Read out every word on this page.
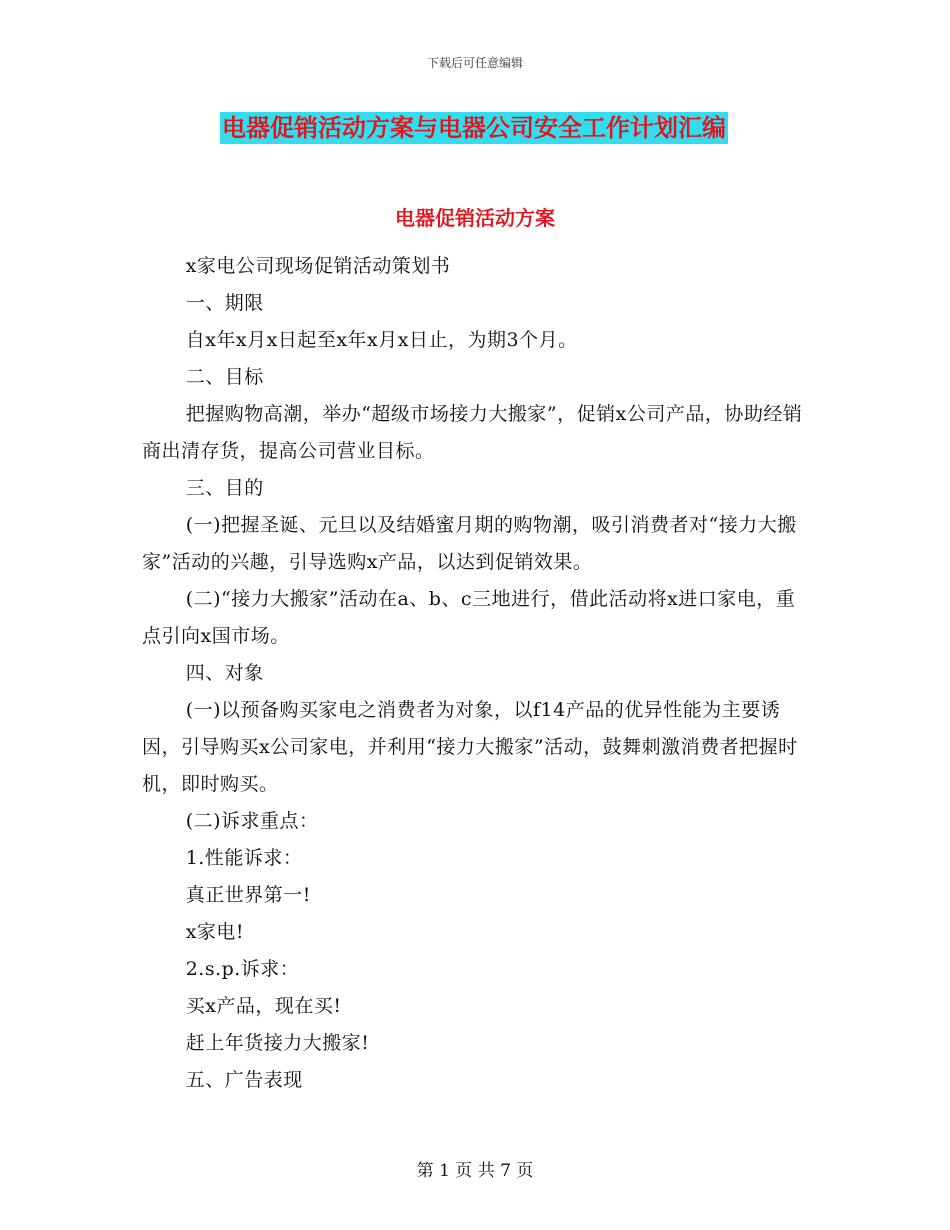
下载后可任意编辑
电器促销活动方案与电器公司安全工作计划汇编
电器促销活动方案

x家电公司现场促销活动策划书

一、期限

自x年x月x日起至x年x月x日止，为期3个月。

二、目标

把握购物高潮，举办“超级市场接力大搬家”，促销x公司产品，协助经销商出清存货，提高公司营业目标。

三、目的

(一)把握圣诞、元旦以及结婚蜜月期的购物潮，吸引消费者对“接力大搬家”活动的兴趣，引导选购x产品，以达到促销效果。

(二)“接力大搬家”活动在a、b、c三地进行，借此活动将x进口家电，重点引向x国市场。

四、对象

(一)以预备购买家电之消费者为对象，以f14产品的优异性能为主要诱因，引导购买x公司家电，并利用“接力大搬家”活动，鼓舞刺激消费者把握时机，即时购买。

(二)诉求重点：

1.性能诉求：

真正世界第一!

x家电!

2.s.p.诉求：

买x产品，现在买!

赶上年货接力大搬家!

五、广告表现

第 1 页 共 7 页
